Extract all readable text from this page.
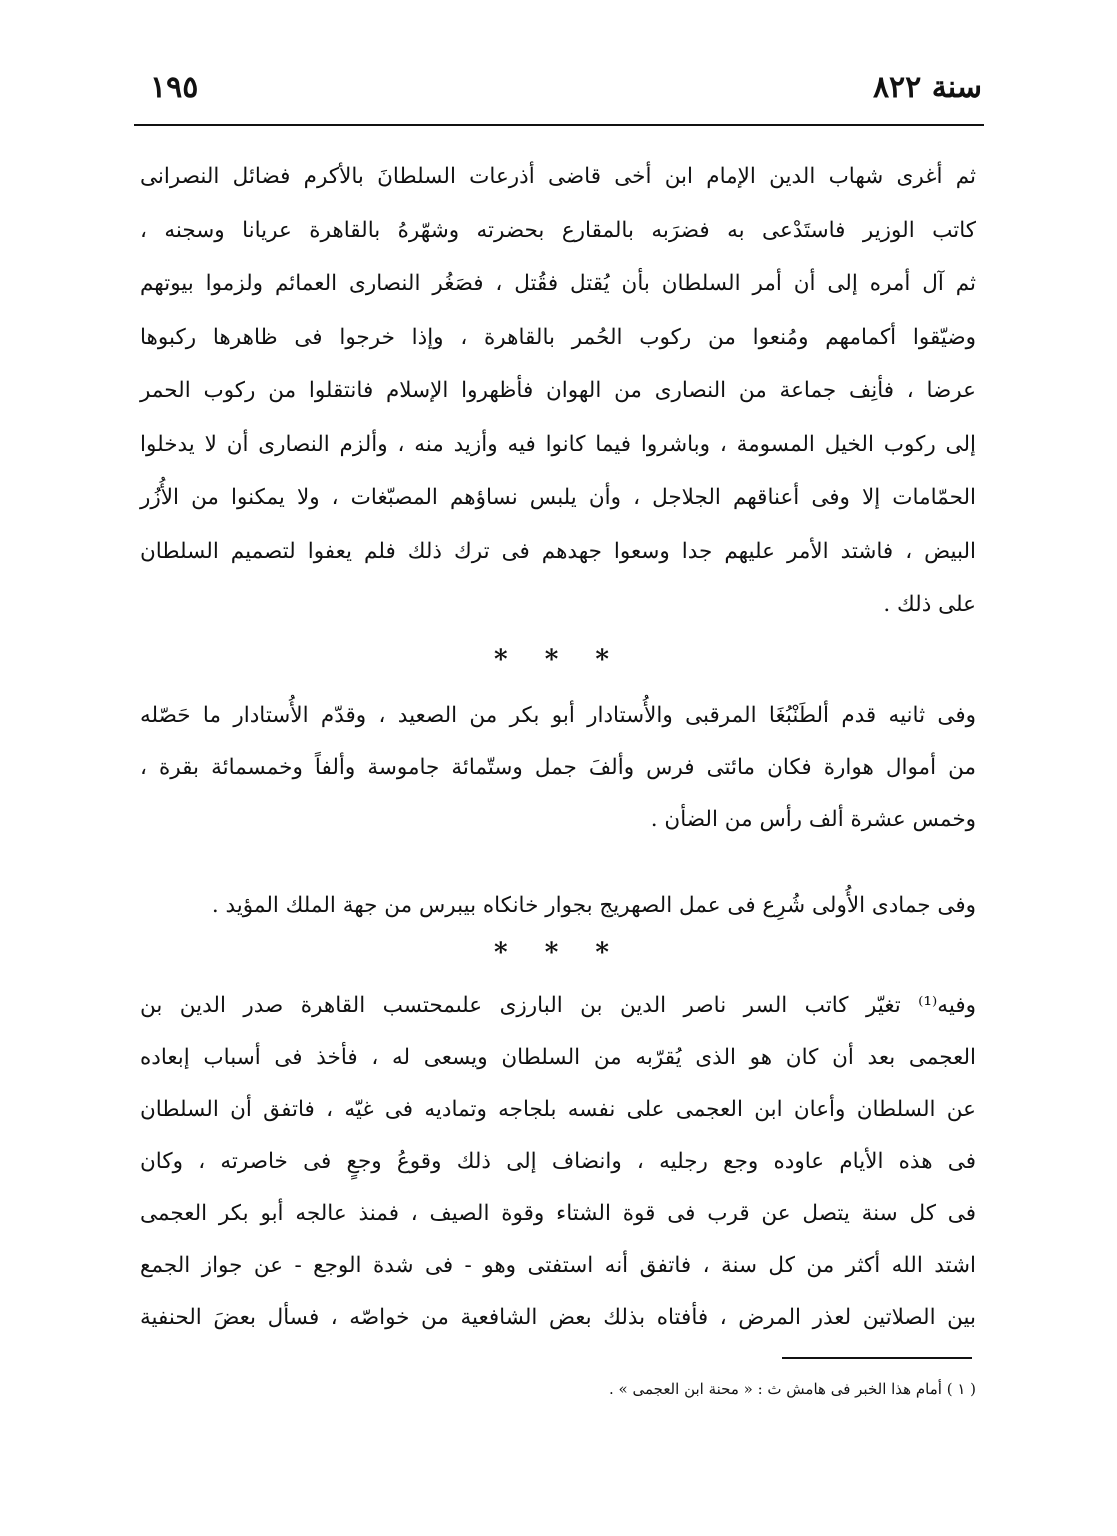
سنة ٨٢٢
١٩٥
ثم أغرى شهاب الدين الإمام ابن أخى قاضى أذرعات السلطانَ بالأكرم فضائل النصرانى
كاتب الوزير فاستَدْعى به فضرَبه بالمقارع بحضرته وشهّرهُ بالقاهرة عريانا وسجنه ،
ثم آل أمره إلى أن أمر السلطان بأن يُقتل فقُتل ، فصَغُر النصارى العمائم ولزموا بيوتهم
وضيّقوا أكمامهم ومُنعوا من ركوب الحُمر بالقاهرة ، وإذا خرجوا فى ظاهرها ركبوها
عرضا ، فأنِف جماعة من النصارى من الهوان فأظهروا الإسلام فانتقلوا من ركوب الحمر
إلى ركوب الخيل المسومة ، وباشروا فيما كانوا فيه وأزيد منه ، وألزم النصارى أن لا يدخلوا
الحمّامات إلا وفى أعناقهم الجلاجل ، وأن يلبس نساؤهم المصبّغات ، ولا يمكنوا من الأُزُر
البيض ، فاشتد الأمر عليهم جدا وسعوا جهدهم فى ترك ذلك فلم يعفوا لتصميم السلطان
على ذلك .
* * *
وفى ثانيه قدم ألطَنْبُغَا المرقبى والأُستادار أبو بكر من الصعيد ، وقدّم الأُستادار ما حَصّله
من أموال هوارة فكان مائتى فرس وألفَ جمل وستّمائة جاموسة وألفاً وخمسمائة بقرة ،
وخمس عشرة ألف رأس من الضأن .
وفى جمادى الأُولى شُرِع فى عمل الصهريج بجوار خانكاه بيبرس من جهة الملك المؤيد .
* * *
وفيه⁽¹⁾ تغيّر كاتب السر ناصر الدين بن البارزى علىمحتسب القاهرة صدر الدين بن
العجمى بعد أن كان هو الذى يُقرّبه من السلطان ويسعى له ، فأخذ فى أسباب إبعاده
عن السلطان وأعان ابن العجمى على نفسه بلجاجه وتماديه فى غيّه ، فاتفق أن السلطان
فى هذه الأيام عاوده وجع رجليه ، وانضاف إلى ذلك وقوعُ وجعٍ فى خاصرته ، وكان
فى كل سنة يتصل عن قرب فى قوة الشتاء وقوة الصيف ، فمنذ عالجه أبو بكر العجمى
اشتد الله أكثر من كل سنة ، فاتفق أنه استفتى وهو - فى شدة الوجع - عن جواز الجمع
بين الصلاتين لعذر المرض ، فأفتاه بذلك بعض الشافعية من خواصّه ، فسأل بعضَ الحنفية
( ١ ) أمام هذا الخبر فى هامش ث : « محنة ابن العجمى » .
